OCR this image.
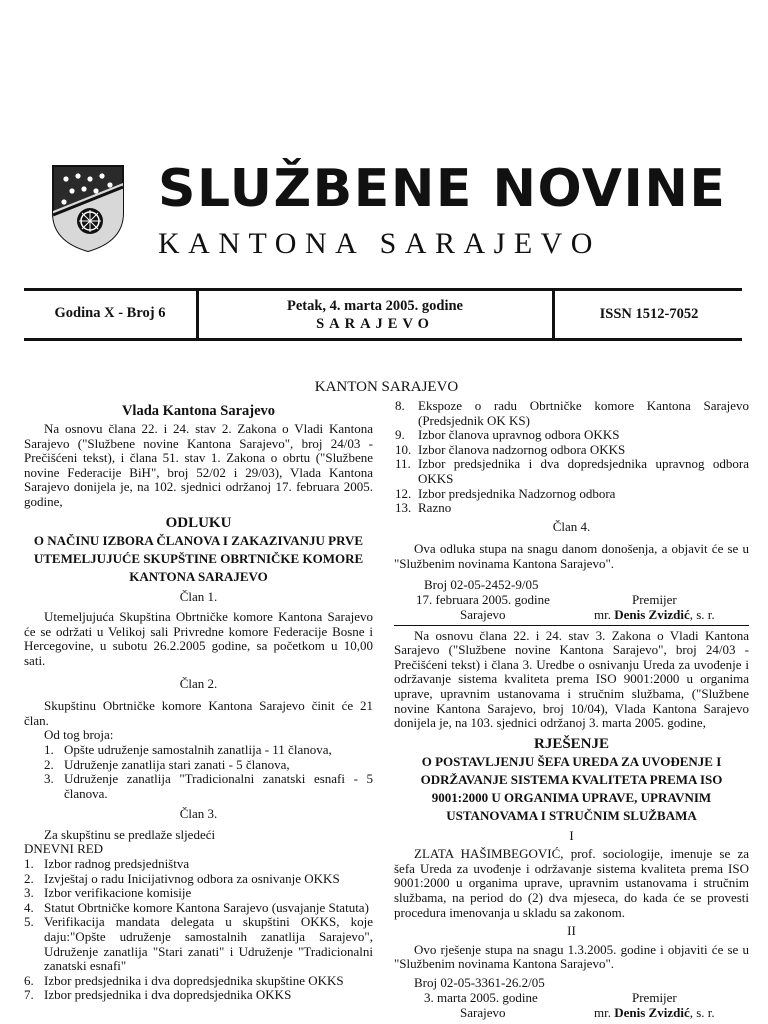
SLUŽBENE NOVINE
KANTONA SARAJEVO
Godina X - Broj 6	Petak, 4. marta 2005. godine
SARAJEVO
ISSN 1512-7052
KANTON SARAJEVO
Vlada Kantona Sarajevo

Na osnovu člana 22. i 24. stav 2. Zakona o Vladi Kantona Sarajevo ("Službene novine Kantona Sarajevo", broj 24/03 - Prečišćeni tekst), i člana 51. stav 1. Zakona o obrtu ("Službene novine Federacije BiH", broj 52/02 i 29/03), Vlada Kantona Sarajevo donijela je, na 102. sjednici održanoj 17. februara 2005. godine,

ODLUKU
O NAČINU IZBORA ČLANOVA I ZAKAZIVANJU PRVE UTEMELJUJUĆE SKUPŠTINE OBRTNIČKE KOMORE KANTONA SARAJEVO
Član 1.

Utemeljujuća Skupština Obrtničke komore Kantona Sarajevo će se održati u Velikoj sali Privredne komore Federacije Bosne i Hercegovine, u subotu 26.2.2005 godine, sa početkom u 10,00 sati.

Član 2.

Skupštinu Obrtničke komore Kantona Sarajevo činit će 21 član.

Od tog broja:

1. Opšte udruženje samostalnih zanatlija - 11 članova,
2. Udruženje zanatlija stari zanati - 5 članova,
3. Udruženje zanatlija "Tradicionalni zanatski esnafi - 5 članova.
Član 3.

Za skupštinu se predlaže sljedeći

DNEVNI RED

1. Izbor radnog predsjedništva
2. Izvještaj o radu Inicijativnog odbora za osnivanje OKKS
3. Izbor verifikacione komisije
4. Statut Obrtničke komore Kantona Sarajevo (usvajanje Statuta)
5. Verifikacija mandata delegata u skupštini OKKS, koje daju:"Opšte udruženje samostalnih zanatlija Sarajevo", Udruženje zanatlija "Stari zanati" i Udruženje "Tradicionalni zanatski esnafi"
6. Izbor predsjednika i dva dopredsjednika skupštine OKKS
7. Izbor predsjednika i dva dopredsjednika OKKS
8. Ekspoze o radu Obrtničke komore Kantona Sarajevo (Predsjednik OK KS)
9. Izbor članova upravnog odbora OKKS
10. Izbor članova nadzornog odbora OKKS
11. Izbor predsjednika i dva dopredsjednika upravnog odbora OKKS
12. Izbor predsjednika Nadzornog odbora
13. Razno
Član 4.

Ova odluka stupa na snagu danom donošenja, a objavit će se u "Službenim novinama Kantona Sarajevo".

Broj 02-05-2452-9/05
17. februara 2005. godine
Sarajevo
Premijer
mr. Denis Zvizdić, s. r.

Na osnovu člana 22. i 24. stav 3. Zakona o Vladi Kantona Sarajevo ("Službene novine Kantona Sarajevo", broj 24/03 - Prečišćeni tekst) i člana 3. Uredbe o osnivanju Ureda za uvođenje i održavanje sistema kvaliteta prema ISO 9001:2000 u organima uprave, upravnim ustanovama i stručnim službama, ("Službene novine Kantona Sarajevo, broj 10/04), Vlada Kantona Sarajevo donijela je, na 103. sjednici održanoj 3. marta 2005. godine,

RJEŠENJE
O POSTAVLJENJU ŠEFA UREDA ZA UVOĐENJE I ODRŽAVANJE SISTEMA KVALITETA PREMA ISO 9001:2000 U ORGANIMA UPRAVE, UPRAVNIM USTANOVAMA I STRUČNIM SLUŽBAMA
I

ZLATA HAŠIMBEGOVIĆ, prof. sociologije, imenuje se za šefa Ureda za uvođenje i održavanje sistema kvaliteta prema ISO 9001:2000 u organima uprave, upravnim ustanovama i stručnim službama, na period do (2) dva mjeseca, do kada će se provesti procedura imenovanja u skladu sa zakonom.

II

Ovo rješenje stupa na snagu 1.3.2005. godine i objaviti će se u "Službenim novinama Kantona Sarajevo".

Broj 02-05-3361-26.2/05
3. marta 2005. godine
Sarajevo
Premijer
mr. Denis Zvizdić, s. r.
